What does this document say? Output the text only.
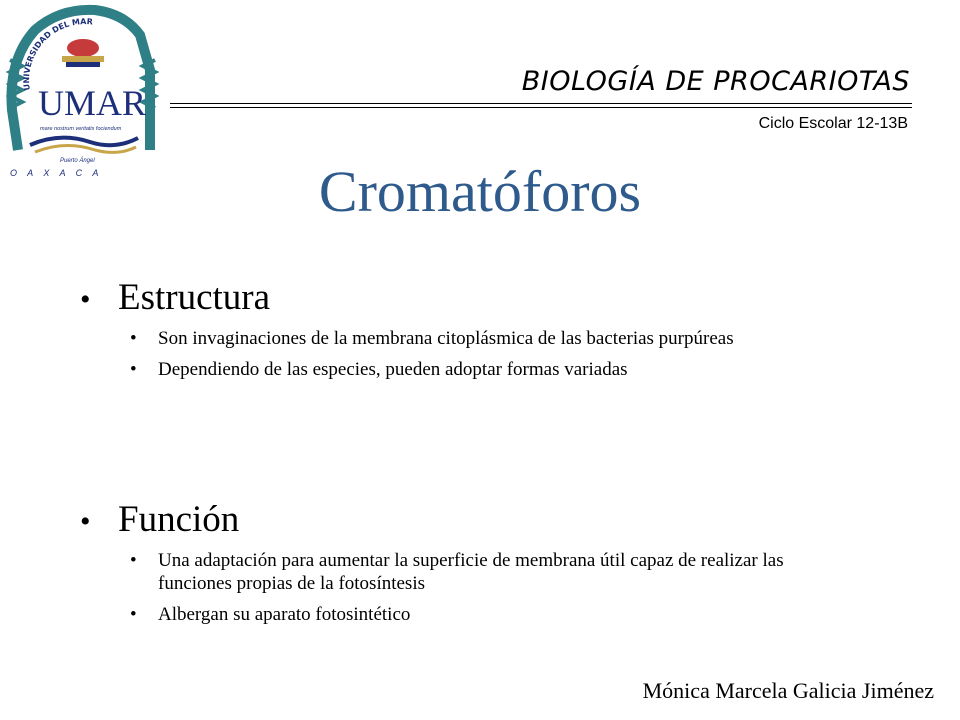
UNIVERSIDAD DEL MAR
UMAR
mare nostrum veritatis fociendum
Puerto Ángel
O A X A C A
BIOLOGÍA DE PROCARIOTAS
Ciclo Escolar 12-13B
Cromatóforos
• Estructura
• Son invaginaciones de la membrana citoplásmica de las bacterias purpúreas
• Dependiendo de las especies, pueden adoptar formas variadas
• Función
• Una adaptación para aumentar la superficie de membrana útil capaz de realizar las funciones propias de la fotosíntesis
• Albergan su aparato fotosintético
Mónica Marcela Galicia Jiménez
